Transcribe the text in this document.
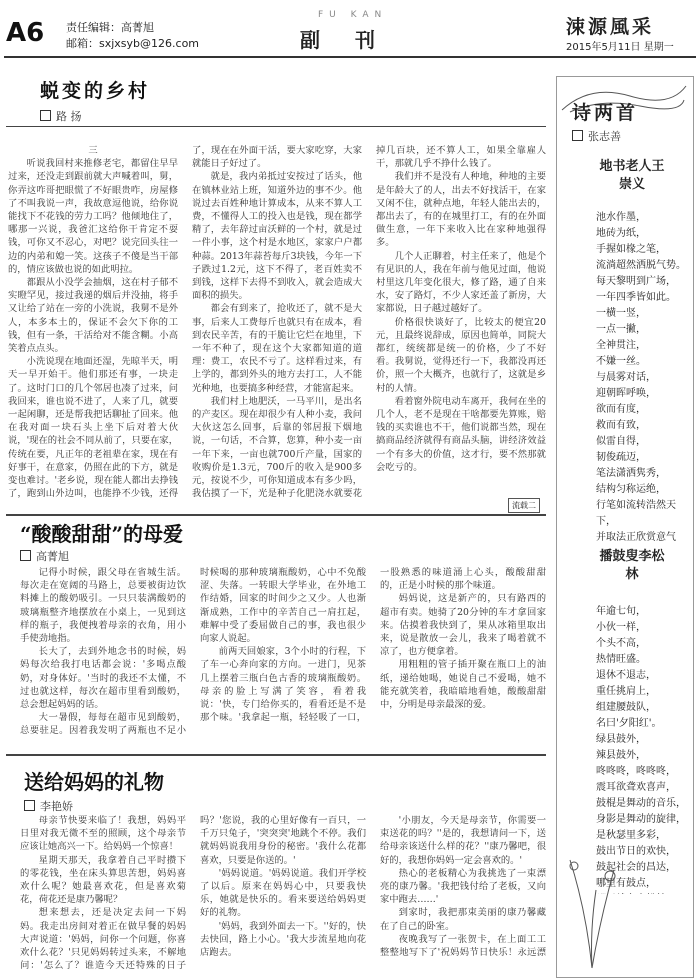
A6 责任编辑：高菁旭
邮箱：sxjxsyb@126.com
FU KAN
副 刊
涑源風采
2015年5月11日 星期一
蜕变的乡村
路 扬

三

听说我回村来推修老宅，都留住早早过来，还没走到跟前就大声喊着叫，舅，你弄这咋哥把眼慌了不好眼贵咋，房屋修了不叫我说一声，我故意逗他说，给你说能找下不花钱的劳力工吗？他倾地住了，哪那一兴说，我爸汇这给你干肯定不耍钱，可你又不忍心，对吧？说完回头往一边的内弟和媳一笑。这孩子不傻是当干部的，情应该做也说的如此明拉。

都跟从小没学会抽烟，这在村子郁不实瞪罕见，接过我递的烟后并没抽，将手又让给了站在一旁的小洗说，我舅不是外人，本多本土的，保证不会欠下你的工钱，但有一条，干活给对不能含糊。小高笑着点点头。

小洗说现在地面还湿，先晾半天，明天一早开始干。他们那还有事，一块走了。这时门口的几个邻居也凑了过来，问我回来，谁也说不进了，人来了几，就要一起闲聊，还是帮我把话聊扯了回来。他在我对面一块石头上坐下后对着大伙说，'现在的社会不同从前了，只要在家，传统在要，凡正年的老祖辈在家，现在有好事干，在意家，仍照在此的下方，就是变也难讨。'老乡说，现在能人都出去挣钱了，跑到山外边叫，也能挣不少钱，还得了，现在在外面干活，要大家吃穿，大家就能日子好过了。

就是，我内弟抵过安按过了话头，他在镇林业站上班，知道外边的事不少。他说过去百姓种地计算成本，从来不算人工费，不懂得人工的投入也是钱，现在都学精了，去年辞过亩沃鲜的一个村，就是过一件小事，这个村是水地区，家家户户都种蒜。2013年蒜苔每斤3块钱，今年一下子跌过1.2元，这下不得了，老百姓卖不到钱，这样下去得不到收入，就会造成大面积的损失。

都会有到来了，抢收还了，就不是大事，后来人工费每斤也就只有在成本，看到农民辛苦，有的干脆让它烂在地里，下一年不种了，现在这个大家都知道的道理：费工，农民不亏了。这样看过来，有上学的，都到外头的地方去打工，人不能光种地，也要搞多种经营，才能富起来。

我们村上地肥沃，一马平川，是出名的产麦区。现在却很少有人种小麦，我问大伙这怎么回事，后靠的邻居报下烟地说，一句话，不合算，您算，种小麦一亩一年下来，一亩也就700斤产量，国家的收购价是1.3元，700斤的收入是900多元，按说不少，可你知道成本有多少吗，我估摸了一下，光是种子化肥浇水就要花掉几百块，还不算人工，如果全靠雇人干，那就几乎不挣什么钱了。

我们并不是没有人种地，种地的主要是年龄大了的人，出去不好找活干，在家又闲不住，就种点地，年轻人能出去的，都出去了，有的在城里打工，有的在外面做生意，一年下来收入比在家种地强得多。

几个人正聊着，村主任来了，他是个有见识的人，我在年前与他见过面，他说村里这几年变化很大，修了路，通了自来水，安了路灯，不少人家还盖了新房，大家都说，日子越过越好了。

价格很快谈好了，比较太的便宜20元，且最终说辞成，原因也简单，同院大都红，统统都是统一的价格，少了不好看。我舅说，觉得还行一下，我都没再还价，照一个大概齐，也就行了，这就是乡村的人情。

看着窗外院电动车离开，我何在坐的几个人，老不是现在干啥都要先算账，赔钱的买卖谁也不干，他们说都当然，现在搞商品经济就得有商品头脑，讲经济效益一个有多大的价值，这才行，要不然那就会吃亏的。

流载二
“酸酸甜甜”的母爱
高菁旭

记得小时候，跟父母在省城生活。每次走在宽阔的马路上，总要被街边饮料摊上的酸奶吸引。一只只装满酸奶的玻璃瓶整齐地摆放在小桌上，一见到这样的瓶子，我便拽着母亲的衣角，用小手使劲地指。

长大了，去到外地念书的时候，妈妈每次给我打电话都会说：'多喝点酸奶，对身体好。'当时的我还不太懂，不过也就这样，每次在超市里看到酸奶，总会想起妈妈的话。

大一暑假，每每在超市见到酸奶，总要驻足。因着我发明了两瓶也不足小时候喝的那种玻璃瓶酸奶，心中不免酸涩、失落。一转眼大学毕业，在外地工作结婚，回家的时间少之又少。人也渐渐成熟，工作中的辛苦自己一肩扛起，难解中受了委屈做自己的事，我也很少向家人说起。

前两天回娘家，3个小时的行程，下了车一心奔向家的方向。一进门，见茶几上摆着三瓶白色古香的玻璃瓶酸奶。母亲的脸上写满了笑容，看着我说：'快，专门给你买的，看看还是不是那个味。'我拿起一瓶，轻轻吸了一口，一股熟悉的味道涌上心头，酸酸甜甜的，正是小时候的那个味道。

妈妈说，这是新产的，只有路西的超市有卖。她骑了20分钟的车才拿回家来。估摸着我快到了，果从冰箱里取出来，说是散放一会儿，我来了喝着就不凉了，也方便拿着。

用粗粗的管子插开聚在瓶口上的油纸，递给她喝，她说自己不爱喝，她不能充就笑着，我暗暗地看她，酸酸甜甜中，分明是母亲最深的爱。

送给妈妈的礼物
李艳娇

母亲节快要来临了！我想，妈妈平日里对我无微不至的照顾，这个母亲节应该让她高兴一下。给妈妈一个惊喜！

星期天那天，我拿着自己平时攒下的零花钱，坐在床头算思苦想，妈妈喜欢什么呢？她最喜欢花，但是喜欢菊花，荷花还是康乃馨呢？

想来想去，还是决定去问一下妈妈。我走出房间对着正在做早餐的妈妈大声说道：'妈妈，问你一个问题，你喜欢什么花？'只见妈妈转过头来，不解地问：'怎么了？谁造今天还特殊的日子吗？'您说，我的心里好像有一百只，一千万只兔子，'突突突'地跳个不停。我们就妈妈说我用身份的秘密。'我什么花都喜欢，只要是你送的。'

'妈妈说道。'妈妈说道。我们开学校了以后。原来在妈妈心中，只要我快乐，她就是快乐的。看来要送给妈妈更好的礼物。

'妈妈，我到外面去一下。''好的，快去快回，路上小心。'我大步流星地向花店跑去。

'小朋友，今天是母亲节，你需要一束送花的吗？''是的，我想请问一下，送给母亲该送什么样的花？''康乃馨吧，很好的，我想你妈妈一定会喜欢的。'

热心的老板精心为我挑选了一束漂亮的康乃馨。'我把钱付给了老板，又向家中跑去……'

到家时，我把那束美丽的康乃馨藏在了自己的卧室。

夜晚我写了一张贺卡，在上面工工整整地写下了'祝妈妈节日快乐！永远漂

诗两首
张志善
地书老人王崇义
池水作墨，
地砖为纸，
手握如椽之笔，
流淌超然洒脱气势。
每天黎明到广场，
一年四季皆如此。
一横一竖，
一点一撇，
全神贯注，
不嫌一丝。
与晨雾对话，
迎朝晖呼唤，
欲而有度，
救而有致，
似雷自得，
韧俊疏迈，
笔法潇洒隽秀，
结构匀称运绝，
行笔如流转浩然天下，
并取法正欣赏意气
播鼓叟李松林
年逾七旬，
小伙一样，
个头不高，
热情旺盛。
退休不退志，
重任挑肩上，
组建腰鼓队，
名曰'夕阳红'。
绿县鼓外，
辣县鼓外，
咚咚咚，咚咚咚，
震耳欲聋欢喜声，
鼓棍是舞动的音乐，
身影是舞动的旋律，
是秋瑟里多彩，
鼓出节日的欢快，
鼓起社会的昌达，
哪里有鼓点，
